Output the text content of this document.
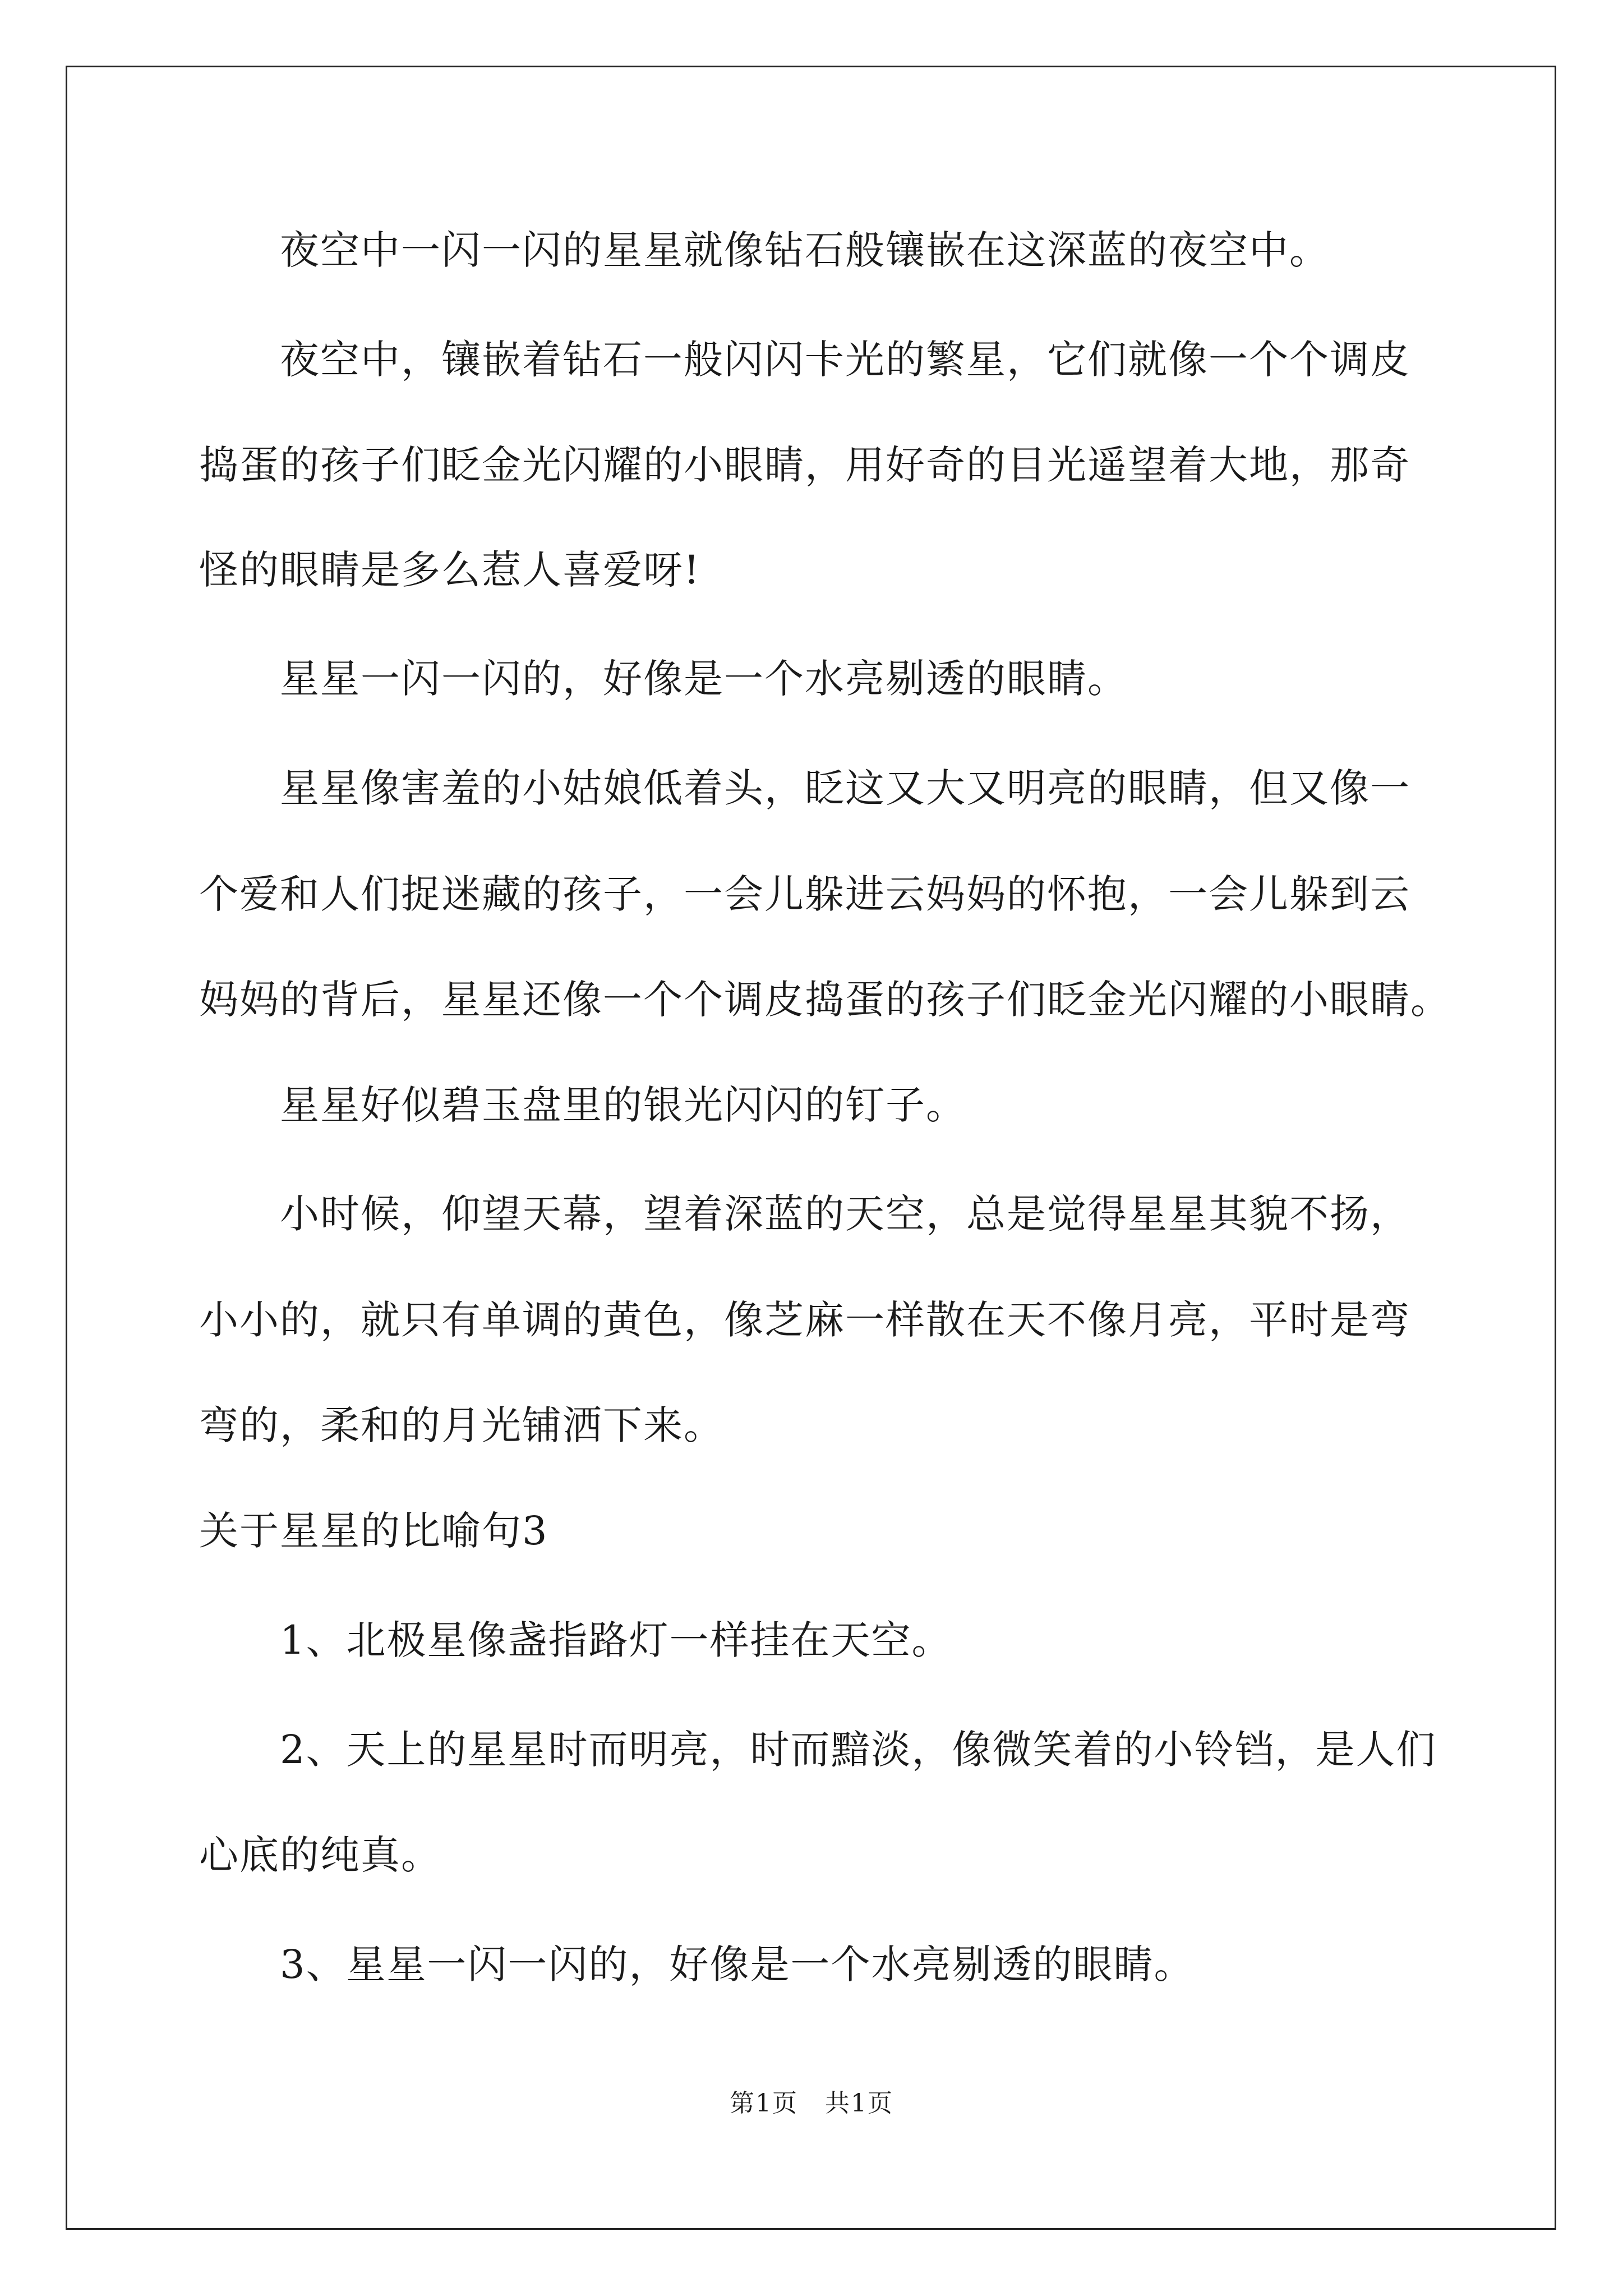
夜空中一闪一闪的星星就像钻石般镶嵌在这深蓝的夜空中。

夜空中，镶嵌着钻石一般闪闪卡光的繁星，它们就像一个个调皮

捣蛋的孩子们眨金光闪耀的小眼睛，用好奇的目光遥望着大地，那奇

怪的眼睛是多么惹人喜爱呀!

星星一闪一闪的，好像是一个水亮剔透的眼睛。

星星像害羞的小姑娘低着头，眨这又大又明亮的眼睛，但又像一

个爱和人们捉迷藏的孩子，一会儿躲进云妈妈的怀抱，一会儿躲到云

妈妈的背后，星星还像一个个调皮捣蛋的孩子们眨金光闪耀的小眼睛。

星星好似碧玉盘里的银光闪闪的钉子。

小时候，仰望天幕，望着深蓝的天空，总是觉得星星其貌不扬，

小小的，就只有单调的黄色，像芝麻一样散在天不像月亮，平时是弯

弯的，柔和的月光铺洒下来。

关于星星的比喻句3

1、北极星像盏指路灯一样挂在天空。

2、天上的星星时而明亮，时而黯淡，像微笑着的小铃铛，是人们

心底的纯真。

3、星星一闪一闪的，好像是一个水亮剔透的眼睛。

第1页   共1页
